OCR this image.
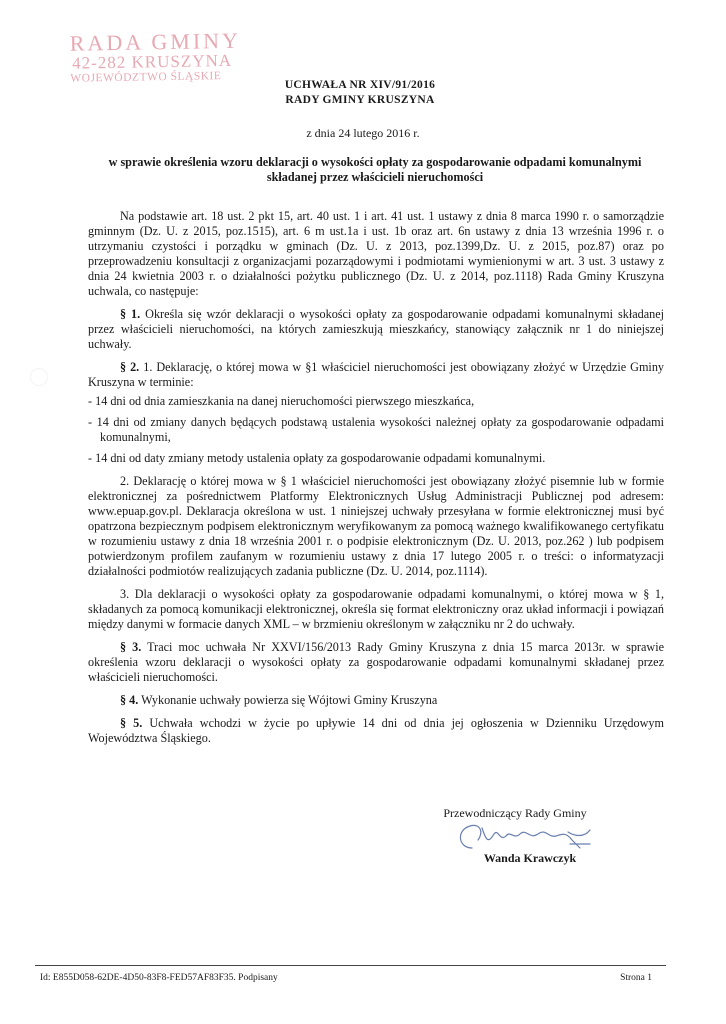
RADA GMINY
42-282 KRUSZYNA
WOJEWÓDZTWO ŚLĄSKIE
UCHWAŁA NR XIV/91/2016
RADY GMINY KRUSZYNA
z dnia 24 lutego 2016 r.
w sprawie określenia wzoru deklaracji o wysokości opłaty za gospodarowanie odpadami komunalnymi składanej przez właścicieli nieruchomości

Na podstawie art. 18 ust. 2 pkt 15, art. 40 ust. 1 i art. 41 ust. 1 ustawy z dnia 8 marca 1990 r. o samorządzie gminnym (Dz. U. z 2015, poz.1515), art. 6 m ust.1a i ust. 1b oraz art. 6n ustawy z dnia 13 września 1996 r. o utrzymaniu czystości i porządku w gminach (Dz. U. z 2013, poz.1399,Dz. U. z 2015, poz.87) oraz po przeprowadzeniu konsultacji z organizacjami pozarządowymi i podmiotami wymienionymi w art. 3 ust. 3 ustawy z dnia 24 kwietnia 2003 r. o działalności pożytku publicznego (Dz. U. z 2014, poz.1118) Rada Gminy Kruszyna uchwala, co następuje:

§ 1. Określa się wzór deklaracji o wysokości opłaty za gospodarowanie odpadami komunalnymi składanej przez właścicieli nieruchomości, na których zamieszkują mieszkańcy, stanowiący załącznik nr 1 do niniejszej uchwały.

§ 2. 1. Deklarację, o której mowa w §1 właściciel nieruchomości jest obowiązany złożyć w Urzędzie Gminy Kruszyna w terminie:

- 14 dni od dnia zamieszkania na danej nieruchomości pierwszego mieszkańca,

- 14 dni od zmiany danych będących podstawą ustalenia wysokości należnej opłaty za gospodarowanie odpadami komunalnymi,

- 14 dni od daty zmiany metody ustalenia opłaty za gospodarowanie odpadami komunalnymi.

2. Deklarację o której mowa w § 1 właściciel nieruchomości jest obowiązany złożyć pisemnie lub w formie elektronicznej za pośrednictwem Platformy Elektronicznych Usług Administracji Publicznej pod adresem: www.epuap.gov.pl. Deklaracja określona w ust. 1 niniejszej uchwały przesyłana w formie elektronicznej musi być opatrzona bezpiecznym podpisem elektronicznym weryfikowanym za pomocą ważnego kwalifikowanego certyfikatu w rozumieniu ustawy z dnia 18 września 2001 r. o podpisie elektronicznym (Dz. U. 2013, poz.262 ) lub podpisem potwierdzonym profilem zaufanym w rozumieniu ustawy z dnia 17 lutego 2005 r. o treści: o informatyzacji działalności podmiotów realizujących zadania publiczne (Dz. U. 2014, poz.1114).

3. Dla deklaracji o wysokości opłaty za gospodarowanie odpadami komunalnymi, o której mowa w § 1, składanych za pomocą komunikacji elektronicznej, określa się format elektroniczny oraz układ informacji i powiązań między danymi w formacie danych XML – w brzmieniu określonym w załączniku nr 2 do uchwały.

§ 3. Traci moc uchwała Nr XXVI/156/2013 Rady Gminy Kruszyna z dnia 15 marca 2013r. w sprawie określenia wzoru deklaracji o wysokości opłaty za gospodarowanie odpadami komunalnymi składanej przez właścicieli nieruchomości.

§ 4. Wykonanie uchwały powierza się Wójtowi Gminy Kruszyna

§ 5. Uchwała wchodzi w życie po upływie 14 dni od dnia jej ogłoszenia w Dzienniku Urzędowym Województwa Śląskiego.

Przewodniczący Rady Gminy
Wanda Krawczyk
Id: E855D058-62DE-4D50-83F8-FED57AF83F35. Podpisany	Strona 1
